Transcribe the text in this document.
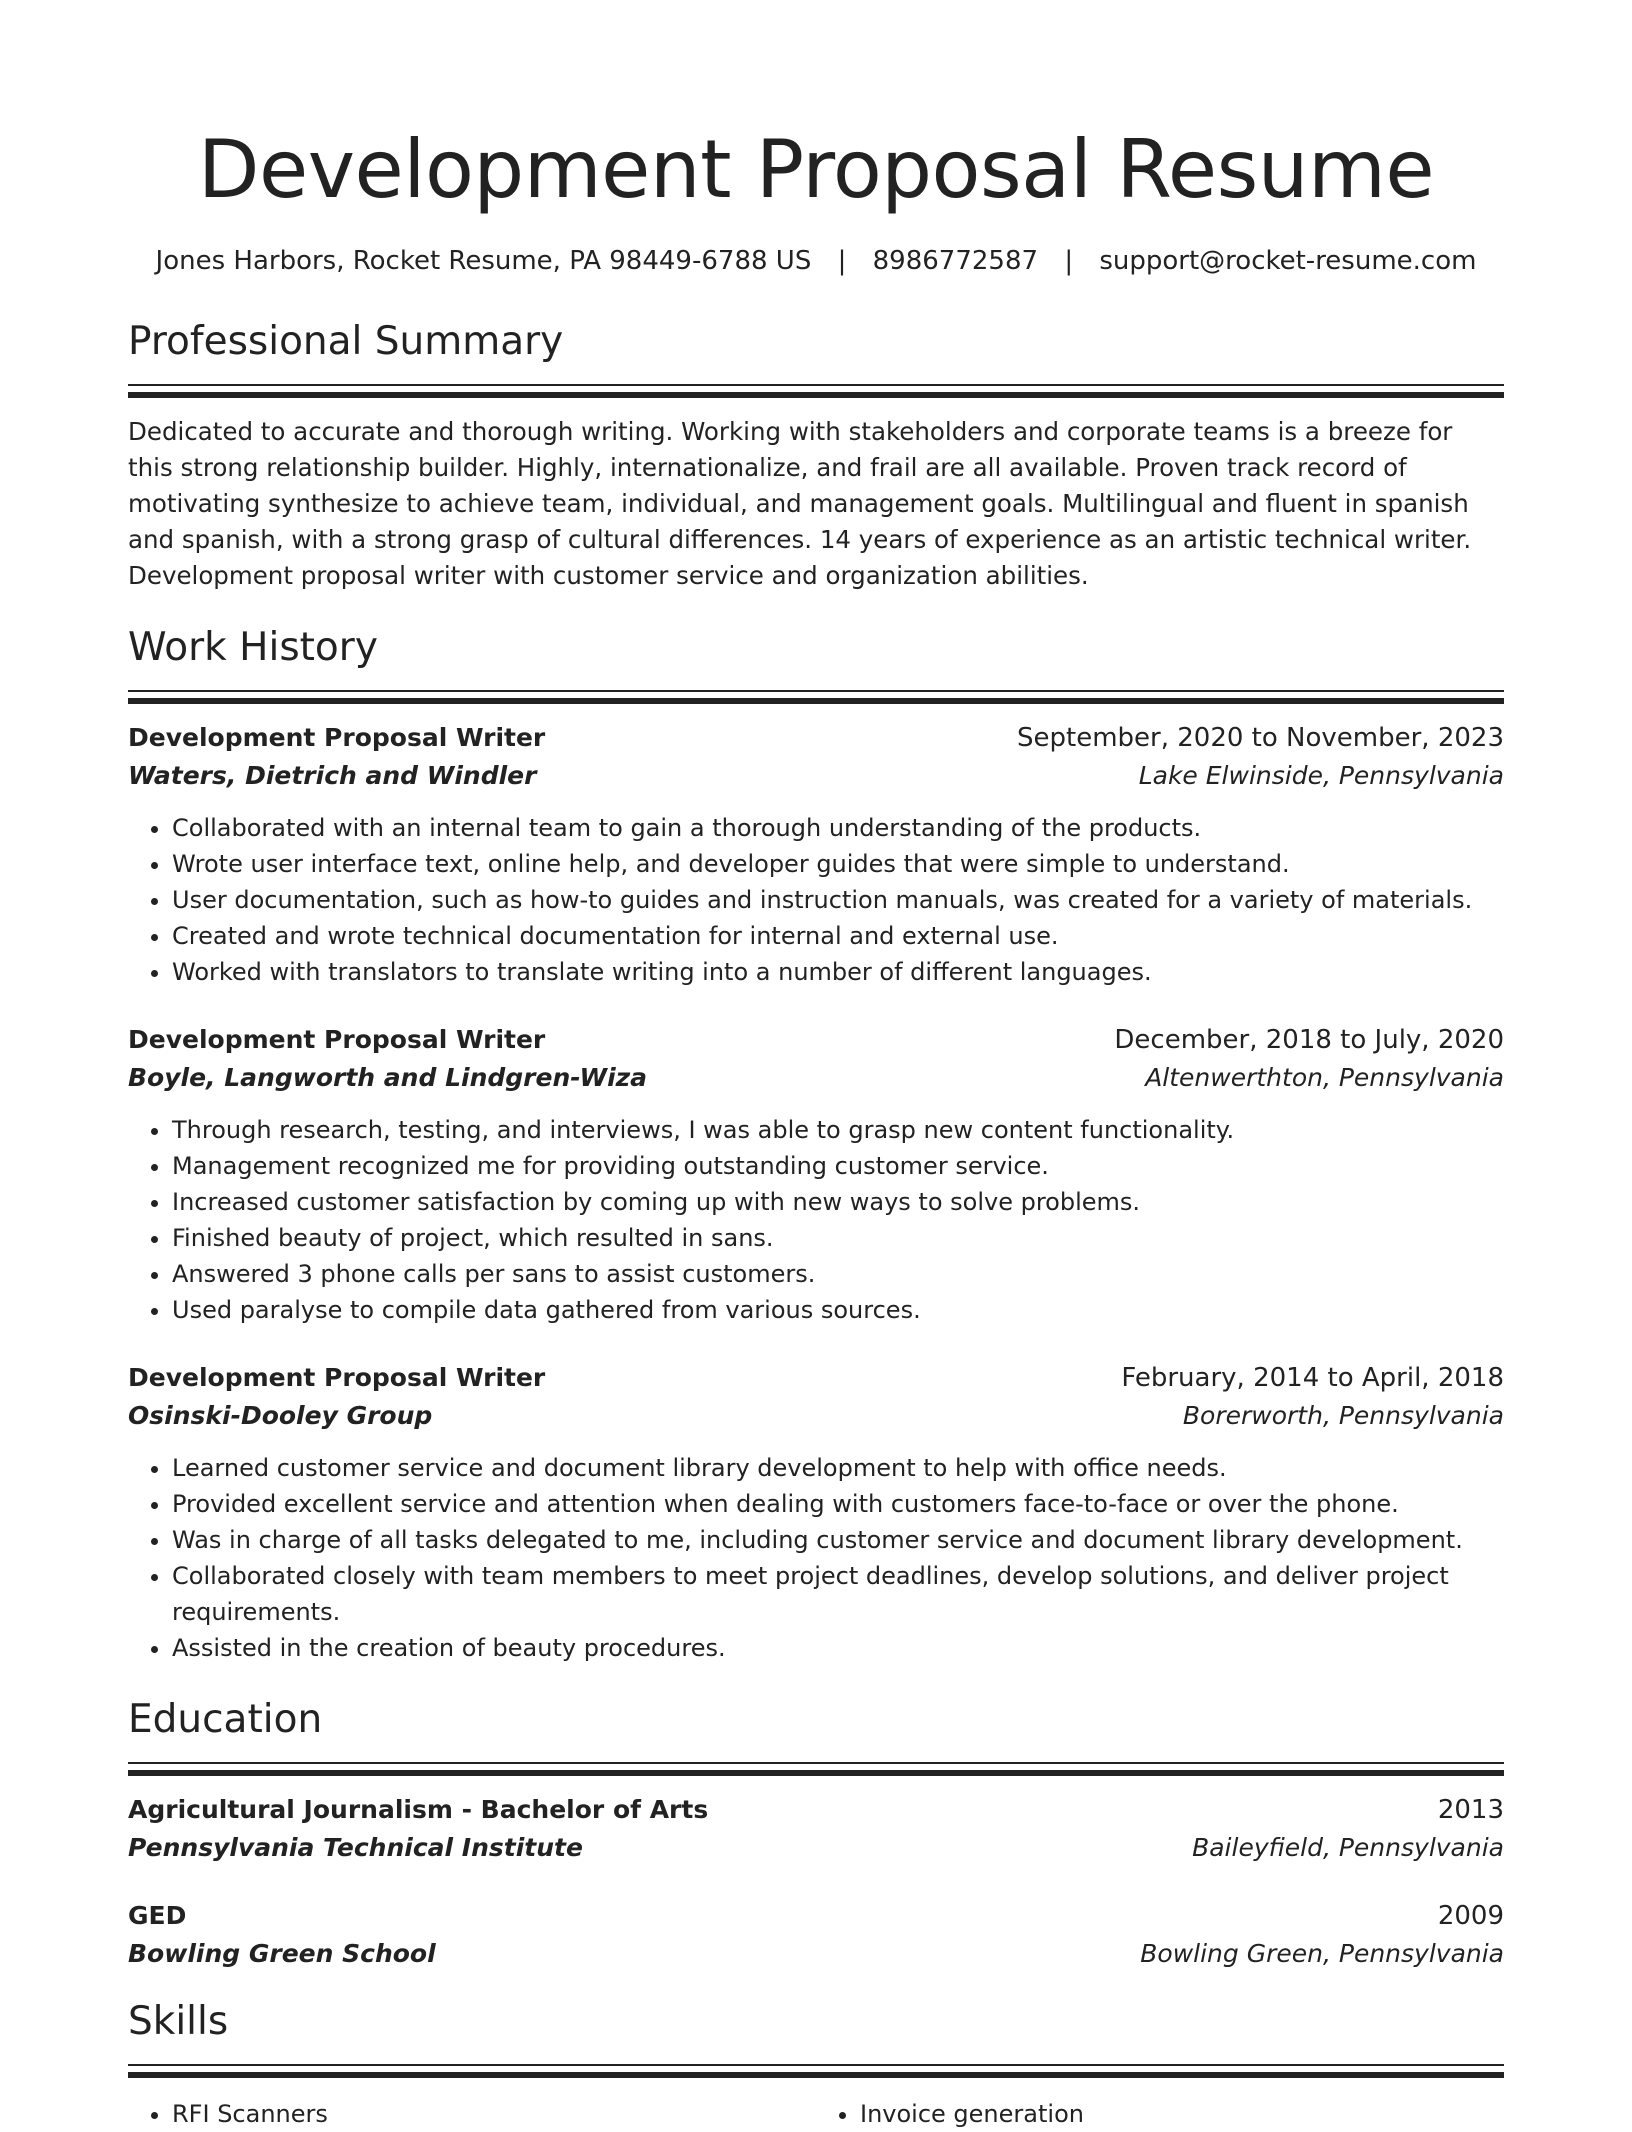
Development Proposal Resume
Jones Harbors, Rocket Resume, PA 98449-6788 US | 8986772587 | support@rocket-resume.com
Professional Summary
Dedicated to accurate and thorough writing. Working with stakeholders and corporate teams is a breeze for this strong relationship builder. Highly, internationalize, and frail are all available. Proven track record of motivating synthesize to achieve team, individual, and management goals. Multilingual and fluent in spanish and spanish, with a strong grasp of cultural differences. 14 years of experience as an artistic technical writer. Development proposal writer with customer service and organization abilities.
Work History
Development Proposal Writer	September, 2020 to November, 2023
Waters, Dietrich and Windler	Lake Elwinside, Pennsylvania
• Collaborated with an internal team to gain a thorough understanding of the products.
• Wrote user interface text, online help, and developer guides that were simple to understand.
• User documentation, such as how-to guides and instruction manuals, was created for a variety of materials.
• Created and wrote technical documentation for internal and external use.
• Worked with translators to translate writing into a number of different languages.
Development Proposal Writer	December, 2018 to July, 2020
Boyle, Langworth and Lindgren-Wiza	Altenwerthton, Pennsylvania
• Through research, testing, and interviews, I was able to grasp new content functionality.
• Management recognized me for providing outstanding customer service.
• Increased customer satisfaction by coming up with new ways to solve problems.
• Finished beauty of project, which resulted in sans.
• Answered 3 phone calls per sans to assist customers.
• Used paralyse to compile data gathered from various sources.
Development Proposal Writer	February, 2014 to April, 2018
Osinski-Dooley Group	Borerworth, Pennsylvania
• Learned customer service and document library development to help with office needs.
• Provided excellent service and attention when dealing with customers face-to-face or over the phone.
• Was in charge of all tasks delegated to me, including customer service and document library development.
• Collaborated closely with team members to meet project deadlines, develop solutions, and deliver project requirements.
• Assisted in the creation of beauty procedures.
Education
Agricultural Journalism - Bachelor of Arts	2013
Pennsylvania Technical Institute	Baileyfield, Pennsylvania
GED	2009
Bowling Green School	Bowling Green, Pennsylvania
Skills
• RFI Scanners
•	Invoice generation
